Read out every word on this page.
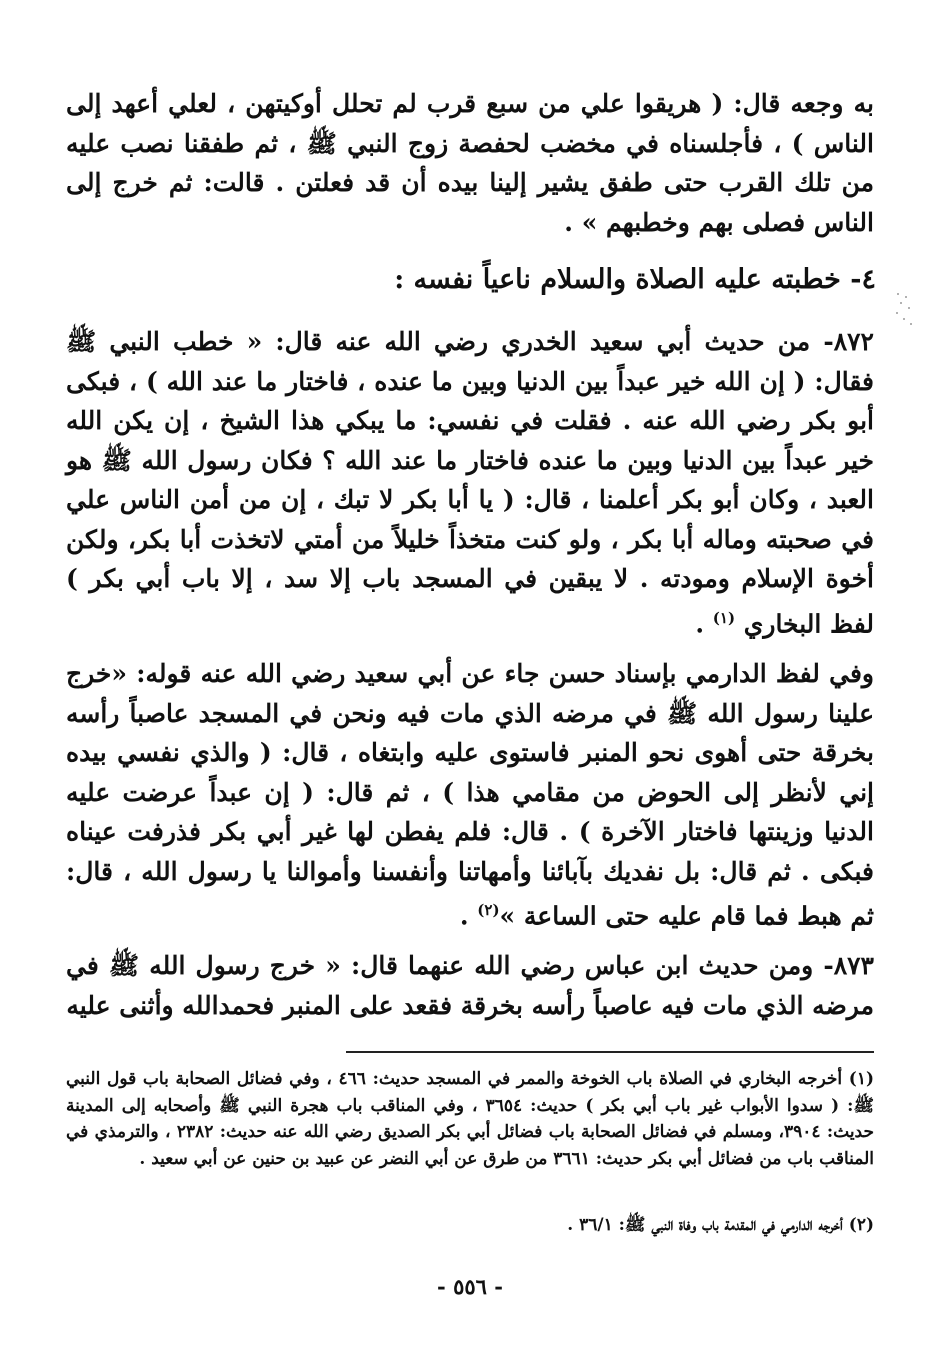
به وجعه قال: ( هريقوا علي من سبع قرب لم تحلل أوكيتهن ، لعلي أعهد إلى الناس ) ، فأجلسناه في مخضب لحفصة زوج النبي ﷺ ، ثم طفقنا نصب عليه من تلك القرب حتى طفق يشير إلينا بيده أن قد فعلتن . قالت: ثم خرج إلى الناس فصلى بهم وخطبهم » .

٤- خطبته عليه الصلاة والسلام ناعياً نفسه :

٨٧٢- من حديث أبي سعيد الخدري رضي الله عنه قال: « خطب النبي ﷺ فقال: ( إن الله خير عبداً بين الدنيا وبين ما عنده ، فاختار ما عند الله ) ، فبكى أبو بكر رضي الله عنه . فقلت في نفسي: ما يبكي هذا الشيخ ، إن يكن الله خير عبداً بين الدنيا وبين ما عنده فاختار ما عند الله ؟ فكان رسول الله ﷺ هو العبد ، وكان أبو بكر أعلمنا ، قال: ( يا أبا بكر لا تبك ، إن من أمن الناس علي في صحبته وماله أبا بكر ، ولو كنت متخذاً خليلاً من أمتي لاتخذت أبا بكر، ولكن أخوة الإسلام ومودته . لا يبقين في المسجد باب إلا سد ، إلا باب أبي بكر ) لفظ البخاري $^{(١)}$ .

وفي لفظ الدارمي بإسناد حسن جاء عن أبي سعيد رضي الله عنه قوله: «خرج علينا رسول الله ﷺ في مرضه الذي مات فيه ونحن في المسجد عاصباً رأسه بخرقة حتى أهوى نحو المنبر فاستوى عليه وابتغاه ، قال: ( والذي نفسي بيده إني لأنظر إلى الحوض من مقامي هذا ) ، ثم قال: ( إن عبداً عرضت عليه الدنيا وزينتها فاختار الآخرة ) . قال: فلم يفطن لها غير أبي بكر فذرفت عيناه فبكى . ثم قال: بل نفديك بآبائنا وأمهاتنا وأنفسنا وأموالنا يا رسول الله ، قال: ثم هبط فما قام عليه حتى الساعة »$^{(٢)}$ .

٨٧٣- ومن حديث ابن عباس رضي الله عنهما قال: « خرج رسول الله ﷺ في مرضه الذي مات فيه عاصباً رأسه بخرقة فقعد على المنبر فحمدالله وأثنى عليه

(١) أخرجه البخاري في الصلاة باب الخوخة والممر في المسجد حديث: ٤٦٦ ، وفي فضائل الصحابة باب قول النبي ﷺ: ( سدوا الأبواب غير باب أبي بكر ) حديث: ٣٦٥٤ ، وفي المناقب باب هجرة النبي ﷺ وأصحابه إلى المدينة حديث: ٣٩٠٤، ومسلم في فضائل الصحابة باب فضائل أبي بكر الصديق رضي الله عنه حديث: ٢٣٨٢ ، والترمذي في المناقب باب من فضائل أبي بكر حديث: ٣٦٦١ من طرق عن أبي النضر عن عبيد بن حنين عن أبي سعيد .

(٢) أخرجه الدارمي في المقدمة باب وفاة النبي ﷺ: ٣٦/١ .

- ٥٥٦ -
